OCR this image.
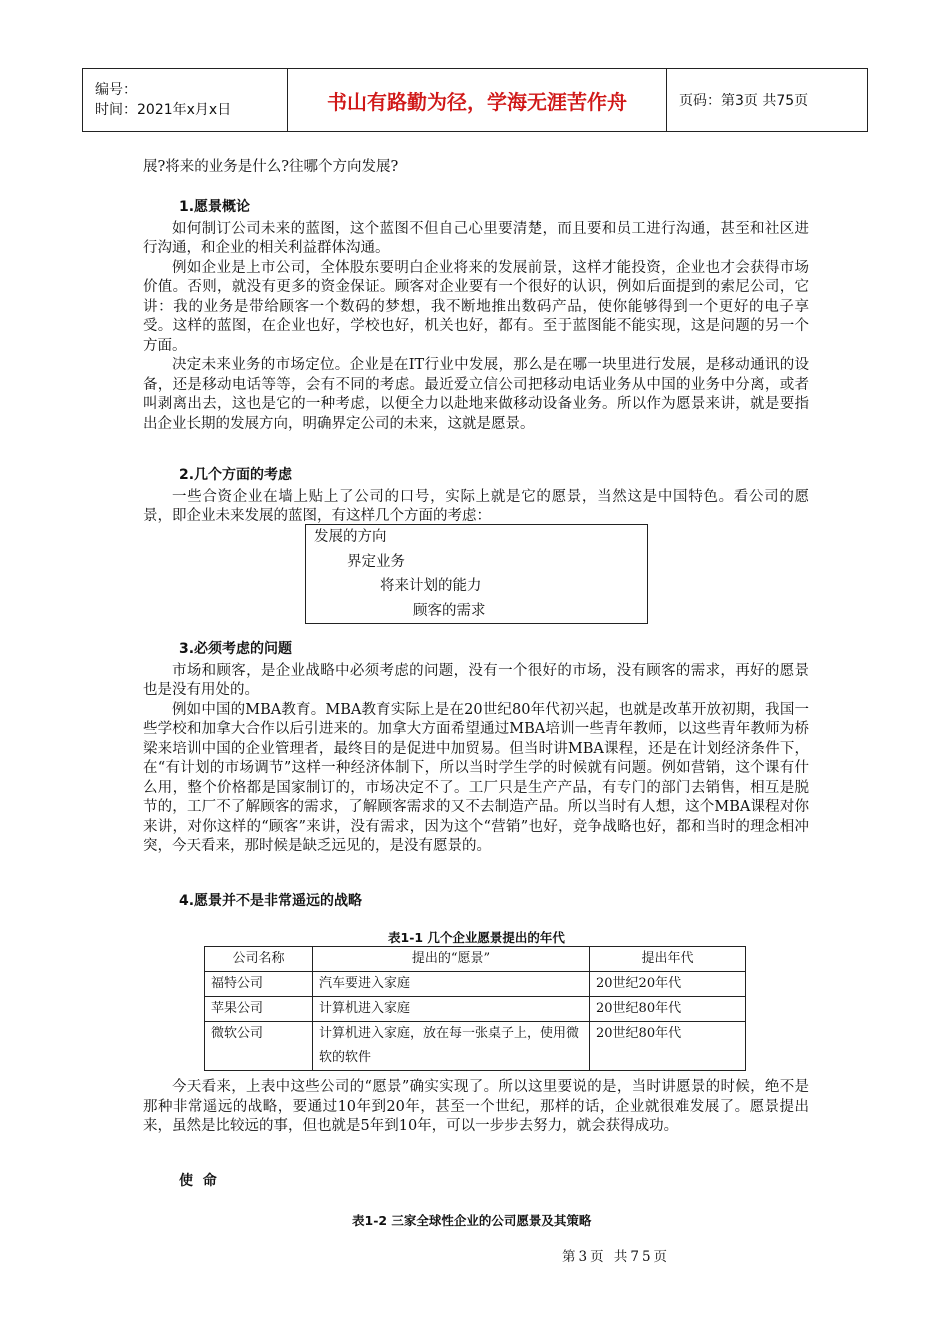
编号：
时间：2021年x月x日	书山有路勤为径，学海无涯苦作舟	页码：第3页 共75页

展?将来的业务是什么?往哪个方向发展?

1.愿景概论

如何制订公司未来的蓝图，这个蓝图不但自己心里要清楚，而且要和员工进行沟通，甚至和社区进行沟通，和企业的相关利益群体沟通。

例如企业是上市公司，全体股东要明白企业将来的发展前景，这样才能投资，企业也才会获得市场价值。否则，就没有更多的资金保证。顾客对企业要有一个很好的认识，例如后面提到的索尼公司，它讲：我的业务是带给顾客一个数码的梦想，我不断地推出数码产品，使你能够得到一个更好的电子享受。这样的蓝图，在企业也好，学校也好，机关也好，都有。至于蓝图能不能实现，这是问题的另一个方面。

决定未来业务的市场定位。企业是在IT行业中发展，那么是在哪一块里进行发展，是移动通讯的设备，还是移动电话等等，会有不同的考虑。最近爱立信公司把移动电话业务从中国的业务中分离，或者叫剥离出去，这也是它的一种考虑，以便全力以赴地来做移动设备业务。所以作为愿景来讲，就是要指出企业长期的发展方向，明确界定公司的未来，这就是愿景。

2.几个方面的考虑

一些合资企业在墙上贴上了公司的口号，实际上就是它的愿景，当然这是中国特色。看公司的愿景，即企业未来发展的蓝图，有这样几个方面的考虑：

发展的方向
界定业务
将来计划的能力
顾客的需求

3.必须考虑的问题

市场和顾客，是企业战略中必须考虑的问题，没有一个很好的市场，没有顾客的需求，再好的愿景也是没有用处的。

例如中国的MBA教育。MBA教育实际上是在20世纪80年代初兴起，也就是改革开放初期，我国一些学校和加拿大合作以后引进来的。加拿大方面希望通过MBA培训一些青年教师，以这些青年教师为桥梁来培训中国的企业管理者，最终目的是促进中加贸易。但当时讲MBA课程，还是在计划经济条件下，在“有计划的市场调节”这样一种经济体制下，所以当时学生学的时候就有问题。例如营销，这个课有什么用，整个价格都是国家制订的，市场决定不了。工厂只是生产产品，有专门的部门去销售，相互是脱节的，工厂不了解顾客的需求，了解顾客需求的又不去制造产品。所以当时有人想，这个MBA课程对你来讲，对你这样的“顾客”来讲，没有需求，因为这个“营销”也好，竞争战略也好，都和当时的理念相冲突，今天看来，那时候是缺乏远见的，是没有愿景的。

4.愿景并不是非常遥远的战略

表1-1 几个企业愿景提出的年代
公司名称	提出的“愿景”	提出年代
福特公司	汽车要进入家庭	20世纪20年代
苹果公司	计算机进入家庭	20世纪80年代
微软公司	计算机进入家庭，放在每一张桌子上，使用微软的软件	20世纪80年代

今天看来，上表中这些公司的“愿景”确实实现了。所以这里要说的是，当时讲愿景的时候，绝不是那种非常遥远的战略，要通过10年到20年，甚至一个世纪，那样的话，企业就很难发展了。愿景提出来，虽然是比较远的事，但也就是5年到10年，可以一步步去努力，就会获得成功。

使  命

表1-2 三家全球性企业的公司愿景及其策略
第3页 共75页
